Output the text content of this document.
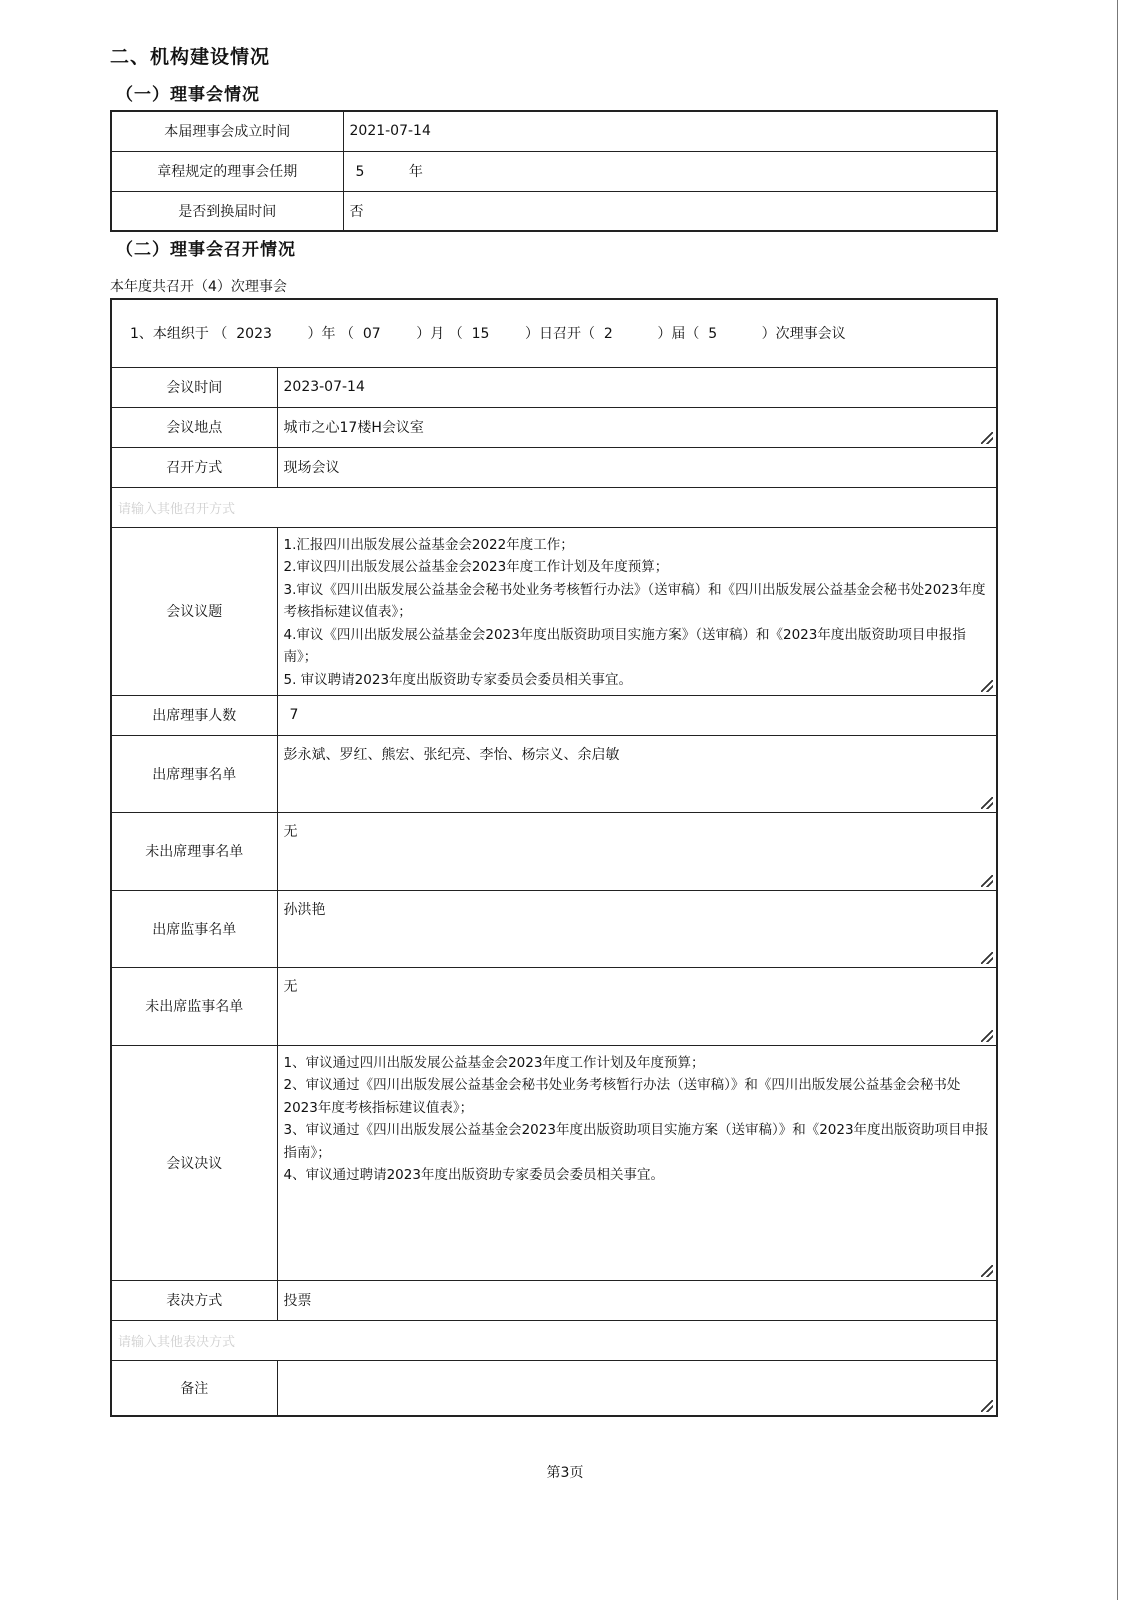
二、机构建设情况
（一）理事会情况
本届理事会成立时间	2021-07-14
章程规定的理事会任期	5          年
是否到换届时间	否
（二）理事会召开情况
本年度共召开（4）次理事会
1、本组织于 （  2023        ）年 （  07        ）月 （  15        ）日召开（  2          ）届（  5          ）次理事会议	
会议时间	2023-07-14
会议地点	城市之心17楼H会议室

召开方式	现场会议
请输入其他召开方式	
会议议题	1.汇报四川出版发展公益基金会2022年度工作；
2.审议四川出版发展公益基金会2023年度工作计划及年度预算；
3.审议《四川出版发展公益基金会秘书处业务考核暂行办法》（送审稿）和《四川出版发展公益基金会秘书处2023年度考核指标建议值表》；
4.审议《四川出版发展公益基金会2023年度出版资助项目实施方案》（送审稿）和《2023年度出版资助项目申报指南》；
5. 审议聘请2023年度出版资助专家委员会委员相关事宜。

出席理事人数	7
出席理事名单	彭永斌、罗红、熊宏、张纪亮、李怡、杨宗义、余启敏

未出席理事名单	无

出席监事名单	孙洪艳

未出席监事名单	无

会议决议	1、审议通过四川出版发展公益基金会2023年度工作计划及年度预算；
2、审议通过《四川出版发展公益基金会秘书处业务考核暂行办法（送审稿）》和《四川出版发展公益基金会秘书处2023年度考核指标建议值表》；
3、审议通过《四川出版发展公益基金会2023年度出版资助项目实施方案（送审稿）》和《2023年度出版资助项目申报指南》；
4、审议通过聘请2023年度出版资助专家委员会委员相关事宜。

表决方式	投票
请输入其他表决方式	
备注	
第3页
